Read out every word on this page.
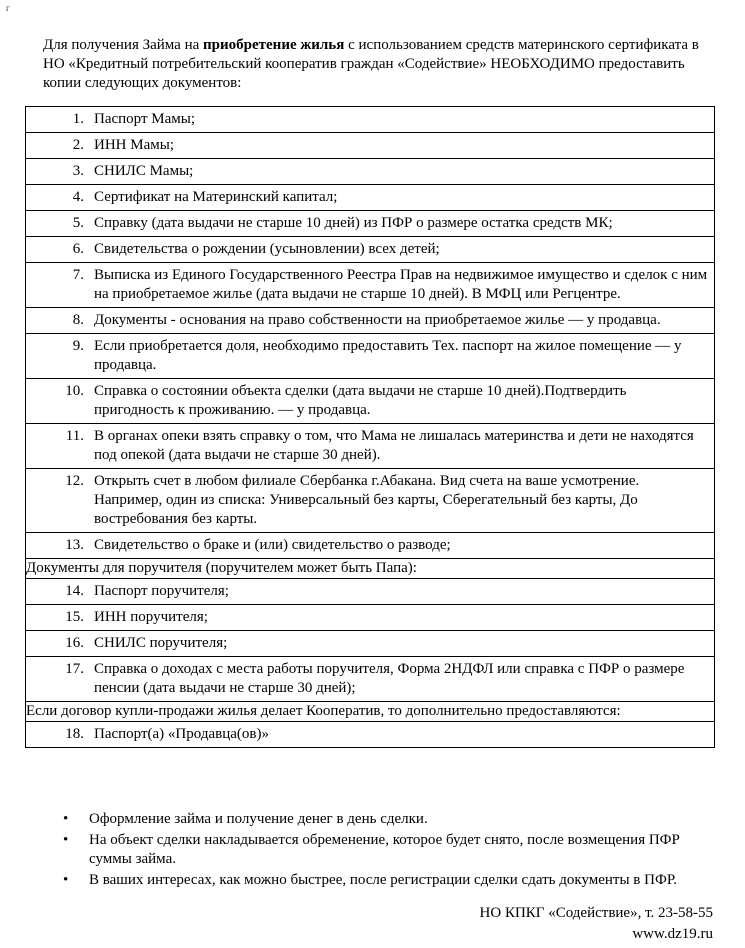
г

Для получения Займа на приобретение жилья с использованием средств материнского сертификата в НО «Кредитный потребительский кооператив граждан «Содействие» НЕОБХОДИМО предоставить копии следующих документов:

1. Паспорт Мамы;

2. ИНН Мамы;

3. СНИЛС Мамы;

4. Сертификат на Материнский капитал;

5. Справку (дата выдачи не старше 10 дней) из ПФР о размере остатка средств МК;

6. Свидетельства о рождении (усыновлении) всех детей;

7. Выписка из Единого Государственного Реестра Прав на недвижимое имущество и сделок с ним на приобретаемое жилье (дата выдачи не старше 10 дней). В МФЦ или Регцентре.

8. Документы - основания на право собственности на приобретаемое жилье — у продавца.

9. Если приобретается доля, необходимо предоставить Тех. паспорт на жилое помещение — у продавца.

10. Справка о состоянии объекта сделки (дата выдачи не старше 10 дней).Подтвердить пригодность к проживанию. — у продавца.

11. В органах опеки взять справку о том, что Мама не лишалась материнства и дети не находятся под опекой (дата выдачи не старше 30 дней).

12. Открыть счет в любом филиале Сбербанка г.Абакана. Вид счета на ваше усмотрение. Например, один из списка: Универсальный без карты, Сберегательный без карты, До востребования без карты.

13. Свидетельство о браке и (или) свидетельство о разводе;

Документы для поручителя (поручителем может быть Папа):

14. Паспорт поручителя;

15. ИНН поручителя;

16. СНИЛС поручителя;

17. Справка о доходах с места работы поручителя, Форма 2НДФЛ или справка с ПФР о размере пенсии (дата выдачи не старше 30 дней);

Если договор купли-продажи жилья делает Кооператив, то дополнительно предоставляются:

18. Паспорт(а) «Продавца(ов)»
• Оформление займа и получение денег в день сделки.
• На объект сделки накладывается обременение, которое будет снято, после возмещения ПФР суммы займа.
• В ваших интересах, как можно быстрее, после регистрации сделки сдать документы в ПФР.
НО КПКГ «Содействие», т. 23-58-55
www.dz19.ru
